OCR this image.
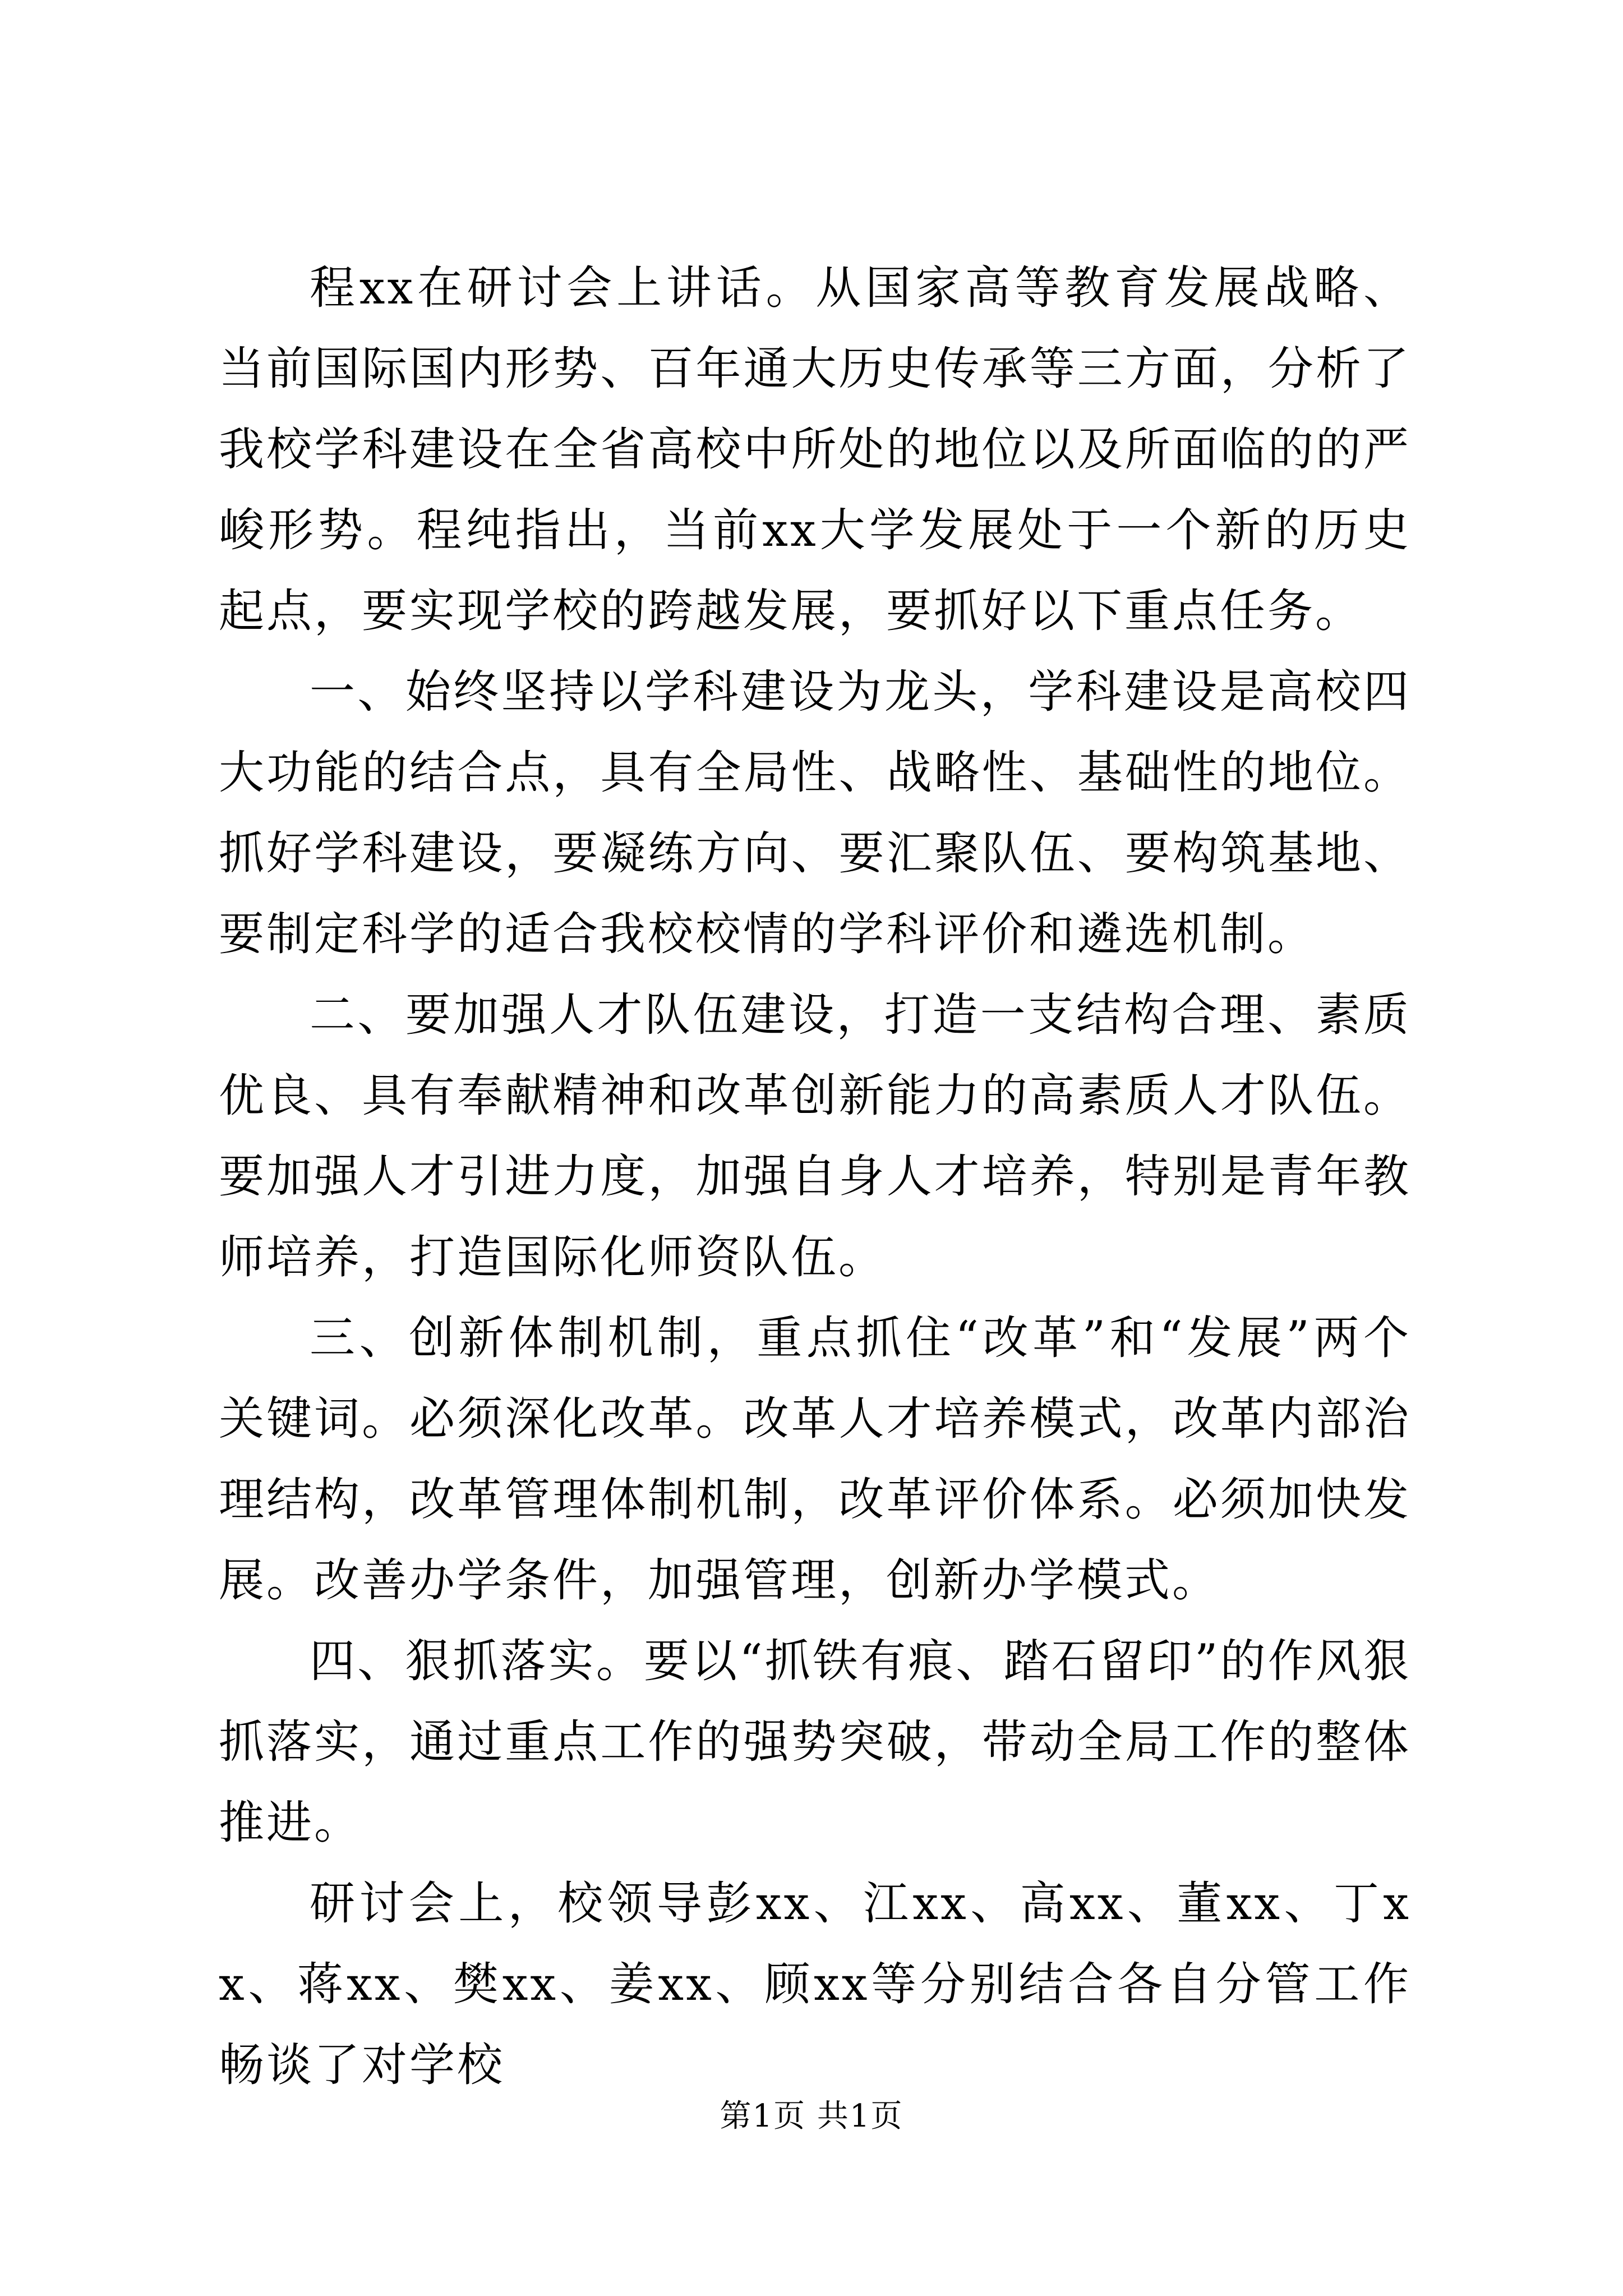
程xx在研讨会上讲话。从国家高等教育发展战略、当前国际国内形势、百年通大历史传承等三方面，分析了我校学科建设在全省高校中所处的地位以及所面临的的严峻形势。程纯指出，当前xx大学发展处于一个新的历史起点，要实现学校的跨越发展，要抓好以下重点任务。

一、始终坚持以学科建设为龙头，学科建设是高校四大功能的结合点，具有全局性、战略性、基础性的地位。抓好学科建设，要凝练方向、要汇聚队伍、要构筑基地、要制定科学的适合我校校情的学科评价和遴选机制。

二、要加强人才队伍建设，打造一支结构合理、素质优良、具有奉献精神和改革创新能力的高素质人才队伍。要加强人才引进力度，加强自身人才培养，特别是青年教师培养，打造国际化师资队伍。

三、创新体制机制，重点抓住“改革”和“发展”两个关键词。必须深化改革。改革人才培养模式，改革内部治理结构，改革管理体制机制，改革评价体系。必须加快发展。改善办学条件，加强管理，创新办学模式。

四、狠抓落实。要以“抓铁有痕、踏石留印”的作风狠抓落实，通过重点工作的强势突破，带动全局工作的整体推进。

研讨会上，校领导彭xx、江xx、高xx、董xx、丁xx、蒋xx、樊xx、姜xx、顾xx等分别结合各自分管工作畅谈了对学校

第1页 共1页
